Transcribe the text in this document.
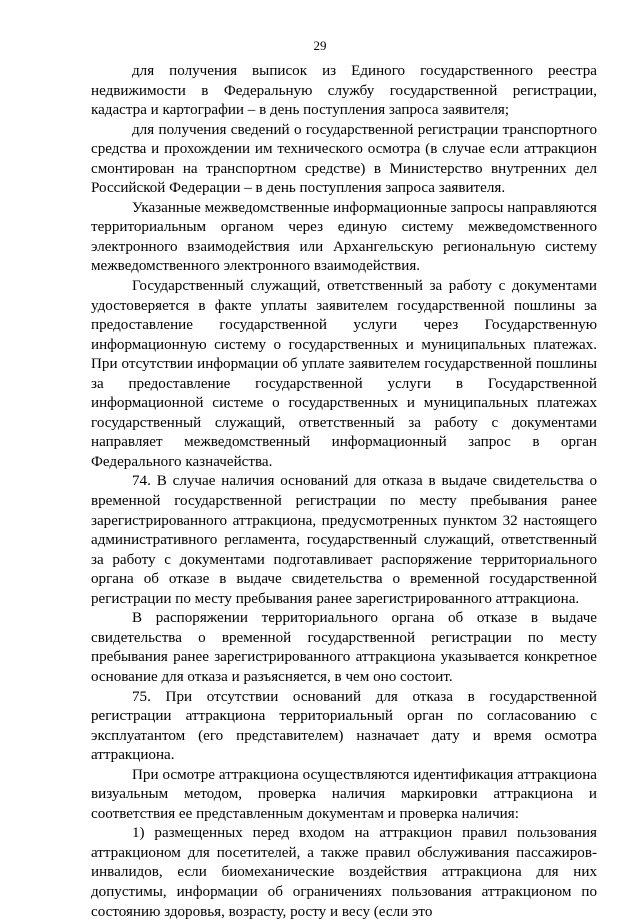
29

для получения выписок из Единого государственного реестра недвижимости в Федеральную службу государственной регистрации, кадастра и картографии – в день поступления запроса заявителя;

для получения сведений о государственной регистрации транспортного средства и прохождении им технического осмотра (в случае если аттракцион смонтирован на транспортном средстве) в Министерство внутренних дел Российской Федерации – в день поступления запроса заявителя.

Указанные межведомственные информационные запросы направляются территориальным органом через единую систему межведомственного электронного взаимодействия или Архангельскую региональную систему межведомственного электронного взаимодействия.

Государственный служащий, ответственный за работу с документами удостоверяется в факте уплаты заявителем государственной пошлины за предоставление государственной услуги через Государственную информационную систему о государственных и муниципальных платежах. При отсутствии информации об уплате заявителем государственной пошлины за предоставление государственной услуги в Государственной информационной системе о государственных и муниципальных платежах государственный служащий, ответственный за работу с документами направляет межведомственный информационный запрос в орган Федерального казначейства.

74. В случае наличия оснований для отказа в выдаче свидетельства о временной государственной регистрации по месту пребывания ранее зарегистрированного аттракциона, предусмотренных пунктом 32 настоящего административного регламента, государственный служащий, ответственный за работу с документами подготавливает распоряжение территориального органа об отказе в выдаче свидетельства о временной государственной регистрации по месту пребывания ранее зарегистрированного аттракциона.

В распоряжении территориального органа об отказе в выдаче свидетельства о временной государственной регистрации по месту пребывания ранее зарегистрированного аттракциона указывается конкретное основание для отказа и разъясняется, в чем оно состоит.

75. При отсутствии оснований для отказа в государственной регистрации аттракциона территориальный орган по согласованию с эксплуатантом (его представителем) назначает дату и время осмотра аттракциона.

При осмотре аттракциона осуществляются идентификация аттракциона визуальным методом, проверка наличия маркировки аттракциона и соответствия ее представленным документам и проверка наличия:

1) размещенных перед входом на аттракцион правил пользования аттракционом для посетителей, а также правил обслуживания пассажиров-инвалидов, если биомеханические воздействия аттракциона для них допустимы, информации об ограничениях пользования аттракционом по состоянию здоровья, возрасту, росту и весу (если это
